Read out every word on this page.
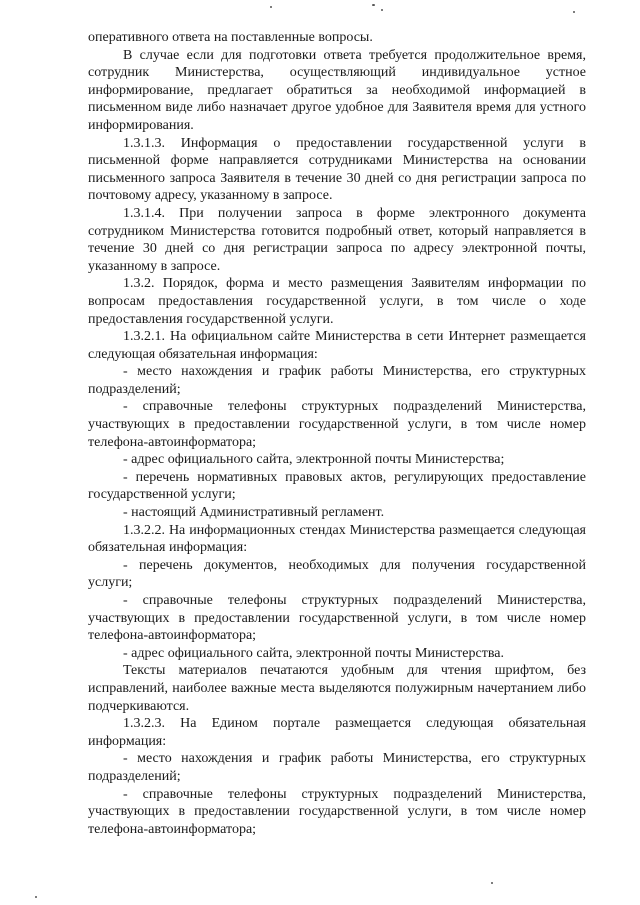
оперативного ответа на поставленные вопросы.

В случае если для подготовки ответа требуется продолжительное время, сотрудник Министерства, осуществляющий индивидуальное устное информирование, предлагает обратиться за необходимой информацией в письменном виде либо назначает другое удобное для Заявителя время для устного информирования.

1.3.1.3. Информация о предоставлении государственной услуги в письменной форме направляется сотрудниками Министерства на основании письменного запроса Заявителя в течение 30 дней со дня регистрации запроса по почтовому адресу, указанному в запросе.

1.3.1.4. При получении запроса в форме электронного документа сотрудником Министерства готовится подробный ответ, который направляется в течение 30 дней со дня регистрации запроса по адресу электронной почты, указанному в запросе.

1.3.2. Порядок, форма и место размещения Заявителям информации по вопросам предоставления государственной услуги, в том числе о ходе предоставления государственной услуги.

1.3.2.1. На официальном сайте Министерства в сети Интернет размещается следующая обязательная информация:

- место нахождения и график работы Министерства, его структурных подразделений;

- справочные телефоны структурных подразделений Министерства, участвующих в предоставлении государственной услуги, в том числе номер телефона-автоинформатора;

- адрес официального сайта, электронной почты Министерства;

- перечень нормативных правовых актов, регулирующих предоставление государственной услуги;

- настоящий Административный регламент.

1.3.2.2. На информационных стендах Министерства размещается следующая обязательная информация:

- перечень документов, необходимых для получения государственной услуги;

- справочные телефоны структурных подразделений Министерства, участвующих в предоставлении государственной услуги, в том числе номер телефона-автоинформатора;

- адрес официального сайта, электронной почты Министерства.

Тексты материалов печатаются удобным для чтения шрифтом, без исправлений, наиболее важные места выделяются полужирным начертанием либо подчеркиваются.

1.3.2.3. На Едином портале размещается следующая обязательная информация:

- место нахождения и график работы Министерства, его структурных подразделений;

- справочные телефоны структурных подразделений Министерства, участвующих в предоставлении государственной услуги, в том числе номер телефона-автоинформатора;
